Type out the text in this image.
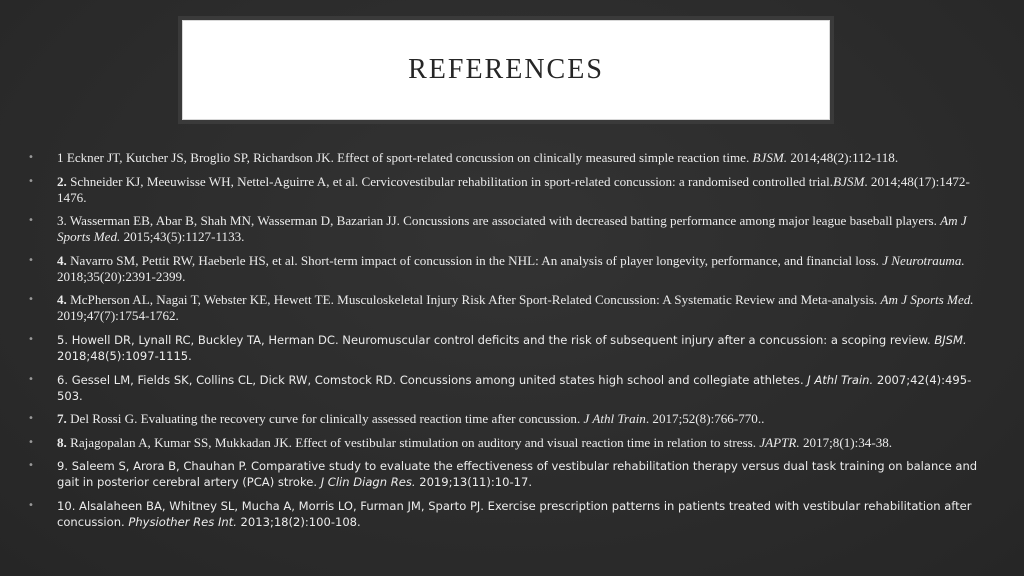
REFERENCES
•	1 Eckner JT, Kutcher JS, Broglio SP, Richardson JK. Effect of sport-related concussion on clinically measured simple reaction time. BJSM. 2014;48(2):112-118.
•	2. Schneider KJ, Meeuwisse WH, Nettel-Aguirre A, et al. Cervicovestibular rehabilitation in sport-related concussion: a randomised controlled trial.BJSM. 2014;48(17):1472-1476.
•	3. Wasserman EB, Abar B, Shah MN, Wasserman D, Bazarian JJ. Concussions are associated with decreased batting performance among major league baseball players. Am J Sports Med. 2015;43(5):1127-1133.
•	4. Navarro SM, Pettit RW, Haeberle HS, et al. Short-term impact of concussion in the NHL: An analysis of player longevity, performance, and financial loss. J Neurotrauma. 2018;35(20):2391-2399.
•	4. McPherson AL, Nagai T, Webster KE, Hewett TE. Musculoskeletal Injury Risk After Sport-Related Concussion: A Systematic Review and Meta-analysis. Am J Sports Med. 2019;47(7):1754-1762.
•	5. Howell DR, Lynall RC, Buckley TA, Herman DC. Neuromuscular control deficits and the risk of subsequent injury after a concussion: a scoping review. BJSM. 2018;48(5):1097-1115.
•	6. Gessel LM, Fields SK, Collins CL, Dick RW, Comstock RD. Concussions among united states high school and collegiate athletes. J Athl Train. 2007;42(4):495-503.
•	7. Del Rossi G. Evaluating the recovery curve for clinically assessed reaction time after concussion. J Athl Train. 2017;52(8):766-770..
•	8. Rajagopalan A, Kumar SS, Mukkadan JK. Effect of vestibular stimulation on auditory and visual reaction time in relation to stress. JAPTR. 2017;8(1):34-38.
•	9. Saleem S, Arora B, Chauhan P. Comparative study to evaluate the effectiveness of vestibular rehabilitation therapy versus dual task training on balance and gait in posterior cerebral artery (PCA) stroke. J Clin Diagn Res. 2019;13(11):10-17.
•	10. Alsalaheen BA, Whitney SL, Mucha A, Morris LO, Furman JM, Sparto PJ. Exercise prescription patterns in patients treated with vestibular rehabilitation after concussion. Physiother Res Int. 2013;18(2):100-108.
